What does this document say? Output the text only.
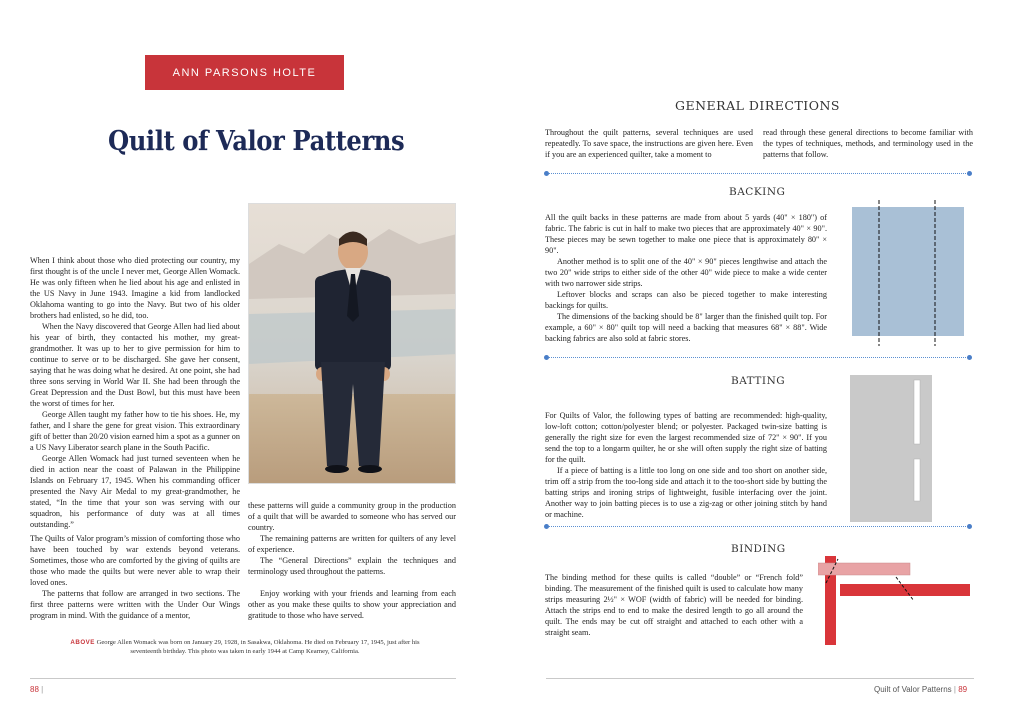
ANN PARSONS HOLTE
Quilt of Valor Patterns

When I think about those who died protecting our country, my first thought is of the uncle I never met, George Allen Womack. He was only fifteen when he lied about his age and enlisted in the US Navy in June 1943. Imagine a kid from landlocked Oklahoma wanting to go into the Navy. But two of his older brothers had enlisted, so he did, too.

When the Navy discovered that George Allen had lied about his year of birth, they contacted his mother, my great-grandmother. It was up to her to give permission for him to continue to serve or to be discharged. She gave her consent, saying that he was doing what he desired. At one point, she had three sons serving in World War II. She had been through the Great Depression and the Dust Bowl, but this must have been the worst of times for her.

George Allen taught my father how to tie his shoes. He, my father, and I share the gene for great vision. This extraordinary gift of better than 20/20 vision earned him a spot as a gunner on a US Navy Liberator search plane in the South Pacific.

George Allen Womack had just turned seventeen when he died in action near the coast of Palawan in the Philippine Islands on February 17, 1945. When his commanding officer presented the Navy Air Medal to my great-grandmother, he stated, “In the time that your son was serving with our squadron, his performance of duty was at all times outstanding.”

The Quilts of Valor program’s mission of comforting those who have been touched by war extends beyond veterans. Sometimes, those who are comforted by the giving of quilts are those who made the quilts but were never able to wrap their loved ones.

The patterns that follow are arranged in two sections. The first three patterns were written with the Under Our Wings program in mind. With the guidance of a mentor,

these patterns will guide a community group in the production of a quilt that will be awarded to someone who has served our country.

The remaining patterns are written for quilters of any level of experience.

The “General Directions” explain the techniques and terminology used throughout the patterns.

Enjoy working with your friends and learning from each other as you make these quilts to show your appreciation and gratitude to those who have served.

ABOVE George Allen Womack was born on January 29, 1928, in Sasakwa, Oklahoma. He died on February 17, 1945, just after his seventeenth birthday. This photo was taken in early 1944 at Camp Kearney, California.
88 |
GENERAL DIRECTIONS
Throughout the quilt patterns, several techniques are used repeatedly. To save space, the instructions are given here. Even if you are an experienced quilter, take a moment to
read through these general directions to become familiar with the types of techniques, methods, and terminology used in the patterns that follow.
BACKING

All the quilt backs in these patterns are made from about 5 yards (40" × 180") of fabric. The fabric is cut in half to make two pieces that are approximately 40" × 90". These pieces may be sewn together to make one piece that is approximately 80" × 90".

Another method is to split one of the 40" × 90" pieces lengthwise and attach the two 20" wide strips to either side of the other 40" wide piece to make a wide center with two narrower side strips.

Leftover blocks and scraps can also be pieced together to make interesting backings for quilts.

The dimensions of the backing should be 8" larger than the finished quilt top. For example, a 60" × 80" quilt top will need a backing that measures 68" × 88". Wide backing fabrics are also sold at fabric stores.

BATTING

For Quilts of Valor, the following types of batting are recommended: high-quality, low-loft cotton; cotton/polyester blend; or polyester. Packaged twin-size batting is generally the right size for even the largest recommended size of 72" × 90". If you send the top to a longarm quilter, he or she will often supply the right size of batting for the quilt.

If a piece of batting is a little too long on one side and too short on another side, trim off a strip from the too-long side and attach it to the too-short side by butting the batting strips and ironing strips of lightweight, fusible interfacing over the joint. Another way to join batting pieces is to use a zig-zag or other joining stitch by hand or machine.

BINDING

The binding method for these quilts is called “double” or “French fold” binding. The measurement of the finished quilt is used to calculate how many strips measuring 2½" × WOF (width of fabric) will be needed for binding. Attach the strips end to end to make the desired length to go all around the quilt. The ends may be cut off straight and attached to each other with a straight seam.

Quilt of Valor Patterns | 89
